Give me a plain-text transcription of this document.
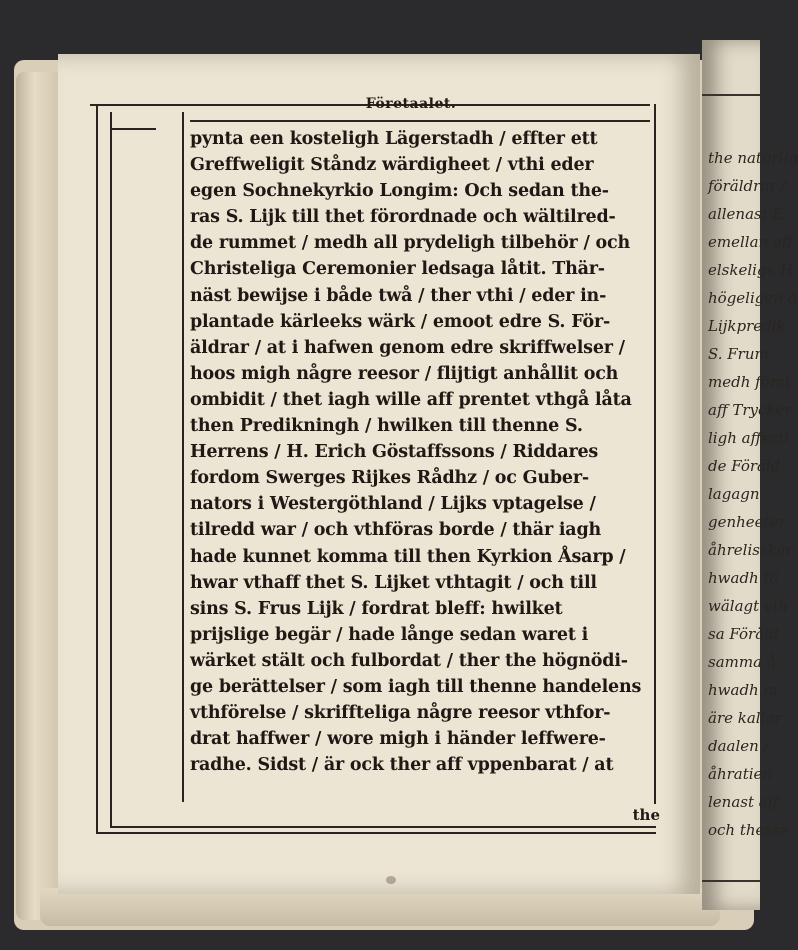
Företaalet.
pynta een kosteligh Lägerstadh / effter ett
Greffweligit Ståndz wärdigheet / vthi eder
egen Sochnekyrkio Longim: Och sedan the-
ras S. Lijk till thet förordnade och wältilred-
de rummet / medh all prydeligh tilbehör / och
Christeliga Ceremonier ledsaga låtit. Thär-
näst bewijse i både twå / ther vthi / eder in-
plantade kärleeks wärk / emoot edre S. För-
äldrar / at i hafwen genom edre skriffwelser /
hoos migh någre reesor / flijtigt anhållit och
ombidit / thet iagh wille aff prentet vthgå låta
then Predikningh / hwilken till thenne S.
Herrens / H. Erich Göstaffssons / Riddares
fordom Swerges Rijkes Rådhz / oc Guber-
nators i Westergöthland / Lijks vptagelse /
tilredd war / och vthföras borde / thär iagh
hade kunnet komma till then Kyrkion Åsarp /
hwar vthaff thet S. Lijket vthtagit / och till
sins S. Frus Lijk / fordrat bleff: hwilket
prijslige begär / hade långe sedan waret i
wärket stält och fulbordat / ther the högnödi-
ge berättelser / som iagh till thenne handelens
vthförelse / skriffteliga någre reesor vthfor-
drat haffwer / wore migh i händer leffwere-
radhe. Sidst / är ock ther aff vppenbarat / at
the
the naturlig
föräldrar /
allenast E.
emellan aff
elskelige H
högeligen ä
Lijkpredik
S. Frum
medh först
aff Trycker
ligh affecti
de Föräld
lagagn:
genheeter
åhrelisskar
hwadh tä
wälagt vth
sa Föräld
samma å
hwadh m
äre kallar
daalen /
åhratien
lenast aff
och thesse
